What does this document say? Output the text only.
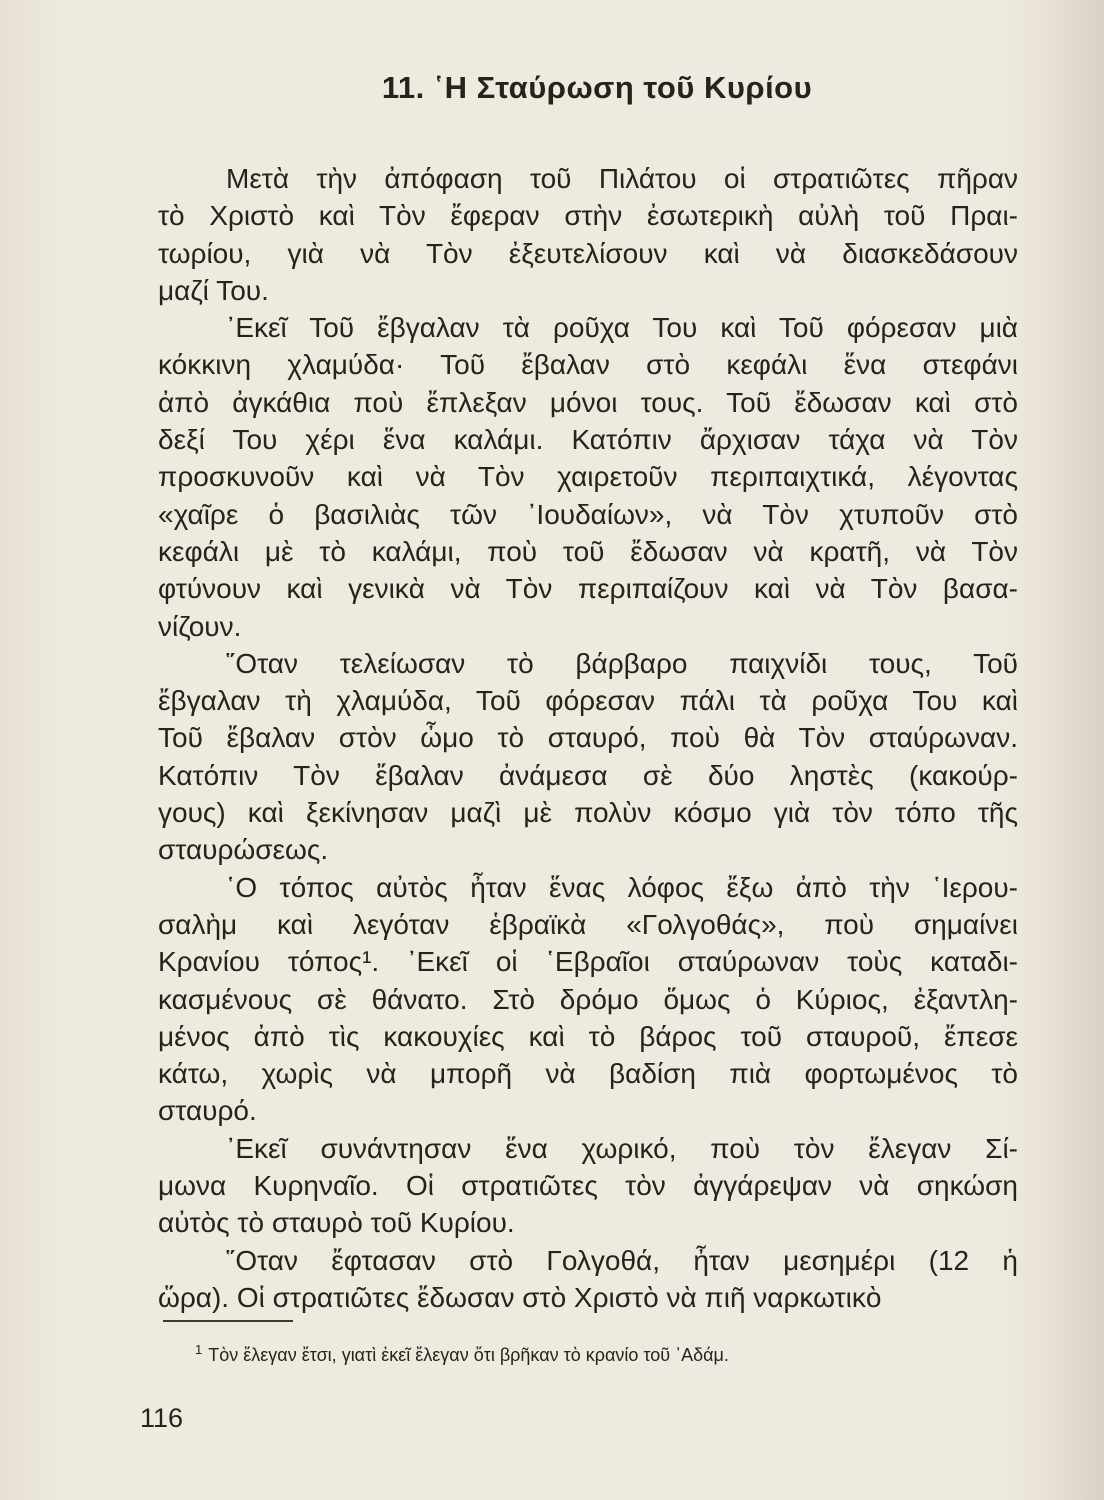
11. ῾Η Σταύρωση τοῦ Κυρίου
Μετὰ τὴν ἀπόφαση τοῦ Πιλάτου οἱ στρατιῶτες πῆραν
τὸ Χριστὸ καὶ Τὸν ἔφεραν στὴν ἐσωτερικὴ αὐλὴ τοῦ Πραι-
τωρίου, γιὰ νὰ Τὸν ἐξευτελίσουν καὶ νὰ διασκεδάσουν
μαζί Του.
᾿Εκεῖ Τοῦ ἔβγαλαν τὰ ροῦχα Του καὶ Τοῦ φόρεσαν μιὰ
κόκκινη χλαμύδα· Τοῦ ἔβαλαν στὸ κεφάλι ἕνα στεφάνι
ἀπὸ ἀγκάθια ποὺ ἔπλεξαν μόνοι τους. Τοῦ ἔδωσαν καὶ στὸ
δεξί Του χέρι ἕνα καλάμι. Κατόπιν ἄρχισαν τάχα νὰ Τὸν
προσκυνοῦν καὶ νὰ Τὸν χαιρετοῦν περιπαιχτικά, λέγοντας
«χαῖρε ὁ βασιλιὰς τῶν ᾿Ιουδαίων», νὰ Τὸν χτυποῦν στὸ
κεφάλι μὲ τὸ καλάμι, ποὺ τοῦ ἔδωσαν νὰ κρατῆ, νὰ Τὸν
φτύνουν καὶ γενικὰ νὰ Τὸν περιπαίζουν καὶ νὰ Τὸν βασα-
νίζουν.
῞Οταν τελείωσαν τὸ βάρβαρο παιχνίδι τους, Τοῦ
ἔβγαλαν τὴ χλαμύδα, Τοῦ φόρεσαν πάλι τὰ ροῦχα Του καὶ
Τοῦ ἔβαλαν στὸν ὦμο τὸ σταυρό, ποὺ θὰ Τὸν σταύρωναν.
Κατόπιν Τὸν ἔβαλαν ἀνάμεσα σὲ δύο ληστὲς (κακούρ-
γους) καὶ ξεκίνησαν μαζὶ μὲ πολὺν κόσμο γιὰ τὸν τόπο τῆς
σταυρώσεως.
῾Ο τόπος αὐτὸς ἦταν ἕνας λόφος ἔξω ἀπὸ τὴν ῾Ιερου-
σαλὴμ καὶ λεγόταν ἑβραϊκὰ «Γολγοθάς», ποὺ σημαίνει
Κρανίου τόπος¹. ᾿Εκεῖ οἱ ῾Εβραῖοι σταύρωναν τοὺς καταδι-
κασμένους σὲ θάνατο. Στὸ δρόμο ὅμως ὁ Κύριος, ἐξαντλη-
μένος ἀπὸ τὶς κακουχίες καὶ τὸ βάρος τοῦ σταυροῦ, ἔπεσε
κάτω, χωρὶς νὰ μπορῆ νὰ βαδίση πιὰ φορτωμένος τὸ
σταυρό.
᾿Εκεῖ συνάντησαν ἕνα χωρικό, ποὺ τὸν ἔλεγαν Σί-
μωνα Κυρηναῖο. Οἱ στρατιῶτες τὸν ἀγγάρεψαν νὰ σηκώση
αὐτὸς τὸ σταυρὸ τοῦ Κυρίου.
῞Οταν ἔφτασαν στὸ Γολγοθά, ἦταν μεσημέρι (12 ἡ
ὥρα). Οἱ στρατιῶτες ἔδωσαν στὸ Χριστὸ νὰ πιῆ ναρκωτικὸ
$^1$ Τὸν ἔλεγαν ἔτσι, γιατὶ ἐκεῖ ἔλεγαν ὅτι βρῆκαν τὸ κρανίο τοῦ ᾿Αδάμ.
116
